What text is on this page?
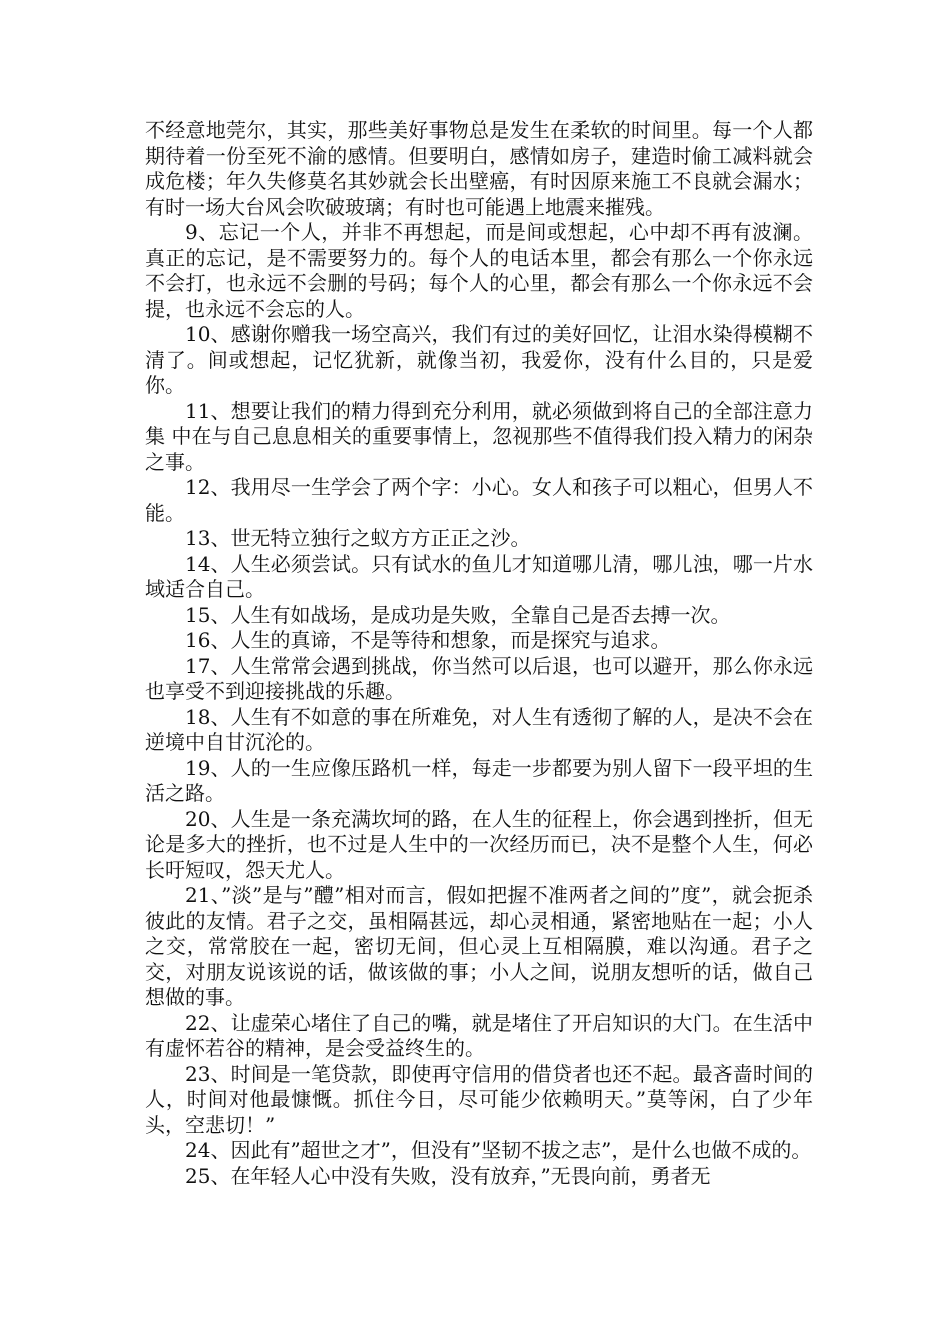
不经意地莞尔，其实，那些美好事物总是发生在柔软的时间里。每一个人都期待着一份至死不渝的感情。但要明白，感情如房子，建造时偷工减料就会成危楼；年久失修莫名其妙就会长出壁癌，有时因原来施工不良就会漏水；有时一场大台风会吹破玻璃；有时也可能遇上地震来摧残。

9、忘记一个人，并非不再想起，而是间或想起，心中却不再有波澜。真正的忘记，是不需要努力的。每个人的电话本里，都会有那么一个你永远不会打，也永远不会删的号码；每个人的心里，都会有那么一个你永远不会提，也永远不会忘的人。

10、感谢你赠我一场空高兴，我们有过的美好回忆，让泪水染得模糊不清了。间或想起，记忆犹新，就像当初，我爱你，没有什么目的，只是爱你。

11、想要让我们的精力得到充分利用，就必须做到将自己的全部注意力集 中在与自己息息相关的重要事情上，忽视那些不值得我们投入精力的闲杂 之事。

12、我用尽一生学会了两个字：小心。女人和孩子可以粗心，但男人不能。

13、世无特立独行之蚁方方正正之沙。

14、人生必须尝试。只有试水的鱼儿才知道哪儿清，哪儿浊，哪一片水域适合自己。

15、人生有如战场，是成功是失败，全靠自己是否去搏一次。

16、人生的真谛，不是等待和想象，而是探究与追求。

17、人生常常会遇到挑战，你当然可以后退，也可以避开，那么你永远也享受不到迎接挑战的乐趣。

18、人生有不如意的事在所难免，对人生有透彻了解的人，是决不会在逆境中自甘沉沦的。

19、人的一生应像压路机一样，每走一步都要为别人留下一段平坦的生活之路。

20、人生是一条充满坎坷的路，在人生的征程上，你会遇到挫折，但无论是多大的挫折，也不过是人生中的一次经历而已，决不是整个人生，何必长吁短叹，怨天尤人。

21、”淡”是与”醴”相对而言，假如把握不准两者之间的”度”，就会扼杀彼此的友情。君子之交，虽相隔甚远，却心灵相通，紧密地贴在一起；小人之交，常常胶在一起，密切无间，但心灵上互相隔膜，难以沟通。君子之交，对朋友说该说的话，做该做的事；小人之间，说朋友想听的话，做自己想做的事。

22、让虚荣心堵住了自己的嘴，就是堵住了开启知识的大门。在生活中有虚怀若谷的精神，是会受益终生的。

23、时间是一笔贷款，即使再守信用的借贷者也还不起。最吝啬时间的人，时间对他最慷慨。抓住今日，尽可能少依赖明天。”莫等闲，白了少年头，空悲切！”

24、因此有”超世之才”，但没有”坚韧不拔之志”，是什么也做不成的。

25、在年轻人心中没有失败，没有放弃，”无畏向前，勇者无
